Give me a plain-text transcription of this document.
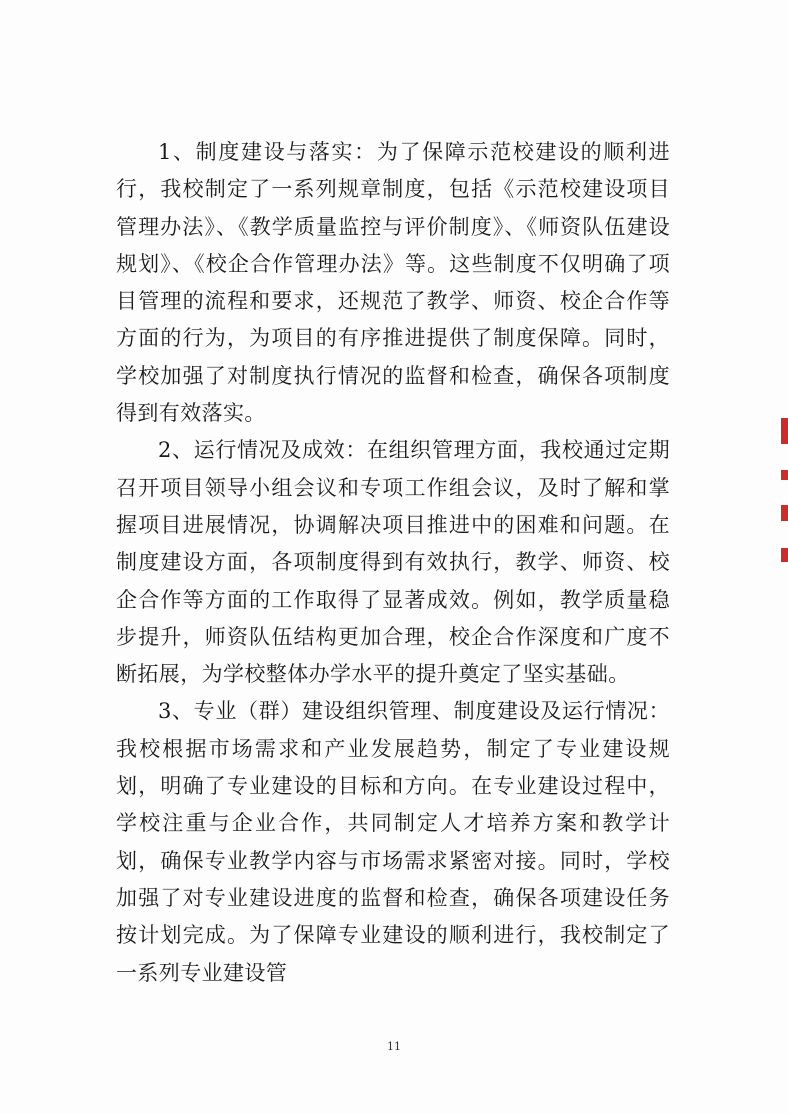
1、制度建设与落实：为了保障示范校建设的顺利进行，我校制定了一系列规章制度，包括《示范校建设项目管理办法》、《教学质量监控与评价制度》、《师资队伍建设规划》、《校企合作管理办法》等。这些制度不仅明确了项目管理的流程和要求，还规范了教学、师资、校企合作等方面的行为，为项目的有序推进提供了制度保障。同时，学校加强了对制度执行情况的监督和检查，确保各项制度得到有效落实。

2、运行情况及成效：在组织管理方面，我校通过定期召开项目领导小组会议和专项工作组会议，及时了解和掌握项目进展情况，协调解决项目推进中的困难和问题。在制度建设方面，各项制度得到有效执行，教学、师资、校企合作等方面的工作取得了显著成效。例如，教学质量稳步提升，师资队伍结构更加合理，校企合作深度和广度不断拓展，为学校整体办学水平的提升奠定了坚实基础。

3、专业（群）建设组织管理、制度建设及运行情况：我校根据市场需求和产业发展趋势，制定了专业建设规划，明确了专业建设的目标和方向。在专业建设过程中，学校注重与企业合作，共同制定人才培养方案和教学计划，确保专业教学内容与市场需求紧密对接。同时，学校加强了对专业建设进度的监督和检查，确保各项建设任务按计划完成。为了保障专业建设的顺利进行，我校制定了一系列专业建设管

11
